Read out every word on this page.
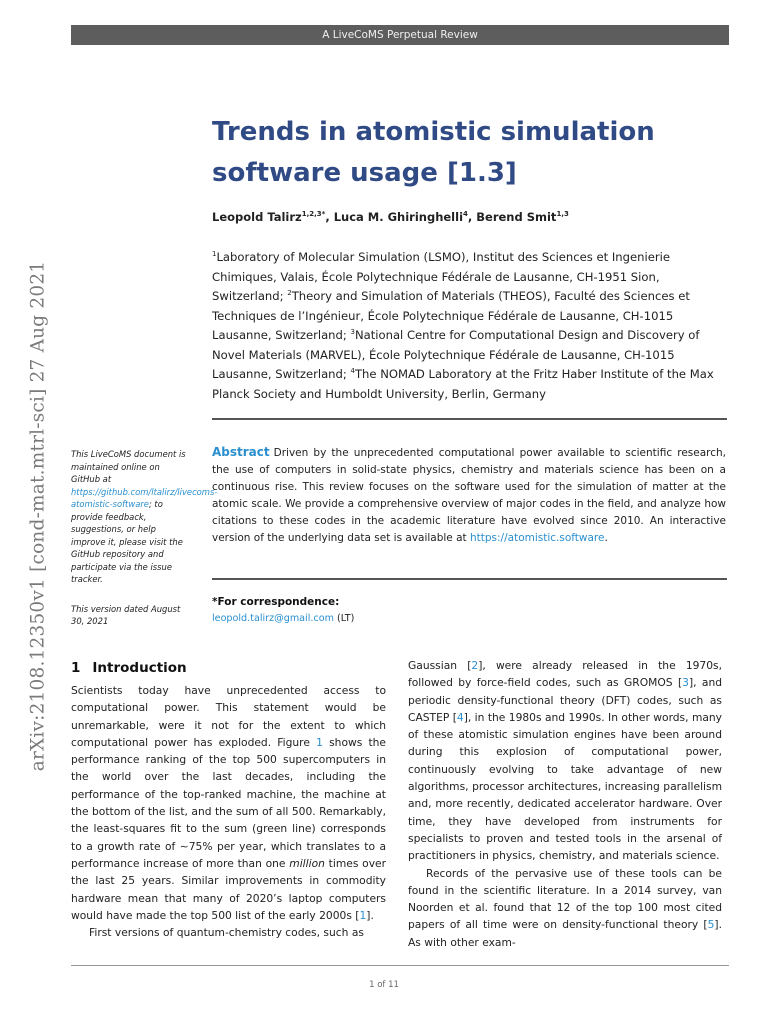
A LiveCoMS Perpetual Review
arXiv:2108.12350v1 [cond-mat.mtrl-sci] 27 Aug 2021
Trends in atomistic simulation
software usage [1.3]
Leopold Talirz$^{1,2,3*}$, Luca M. Ghiringhelli$^4$, Berend Smit$^{1,3}$
$^1$Laboratory of Molecular Simulation (LSMO), Institut des Sciences et Ingenierie Chimiques, Valais, École Polytechnique Fédérale de Lausanne, CH-1951 Sion, Switzerland; $^2$Theory and Simulation of Materials (THEOS), Faculté des Sciences et Techniques de l’Ingénieur, École Polytechnique Fédérale de Lausanne, CH-1015 Lausanne, Switzerland; $^3$National Centre for Computational Design and Discovery of Novel Materials (MARVEL), École Polytechnique Fédérale de Lausanne, CH-1015 Lausanne, Switzerland; $^4$The NOMAD Laboratory at the Fritz Haber Institute of the Max Planck Society and Humboldt University, Berlin, Germany

This LiveCoMS document is maintained online on GitHub at https://github.com/ltalirz/livecoms-atomistic-software; to provide feedback, suggestions, or help improve it, please visit the GitHub repository and participate via the issue tracker.

This version dated August 30, 2021

Abstract Driven by the unprecedented computational power available to scientific research, the use of computers in solid-state physics, chemistry and materials science has been on a continuous rise. This review focuses on the software used for the simulation of matter at the atomic scale. We provide a comprehensive overview of major codes in the field, and analyze how citations to these codes in the academic literature have evolved since 2010. An interactive version of the underlying data set is available at https://atomistic.software.
*For correspondence:
leopold.talirz@gmail.com (LT)
1 Introduction

Scientists today have unprecedented access to computational power. This statement would be unremarkable, were it not for the extent to which computational power has exploded. Figure 1 shows the performance ranking of the top 500 supercomputers in the world over the last decades, including the performance of the top-ranked machine, the machine at the bottom of the list, and the sum of all 500. Remarkably, the least-squares fit to the sum (green line) corresponds to a growth rate of ∼75% per year, which translates to a performance increase of more than one million times over the last 25 years. Similar improvements in commodity hardware mean that many of 2020’s laptop computers would have made the top 500 list of the early 2000s [1].

First versions of quantum-chemistry codes, such as

Gaussian [2], were already released in the 1970s, followed by force-field codes, such as GROMOS [3], and periodic density-functional theory (DFT) codes, such as CASTEP [4], in the 1980s and 1990s. In other words, many of these atomistic simulation engines have been around during this explosion of computational power, continuously evolving to take advantage of new algorithms, processor architectures, increasing parallelism and, more recently, dedicated accelerator hardware. Over time, they have developed from instruments for specialists to proven and tested tools in the arsenal of practitioners in physics, chemistry, and materials science.

Records of the pervasive use of these tools can be found in the scientific literature. In a 2014 survey, van Noorden et al. found that 12 of the top 100 most cited papers of all time were on density-functional theory [5]. As with other exam-

1 of 11
